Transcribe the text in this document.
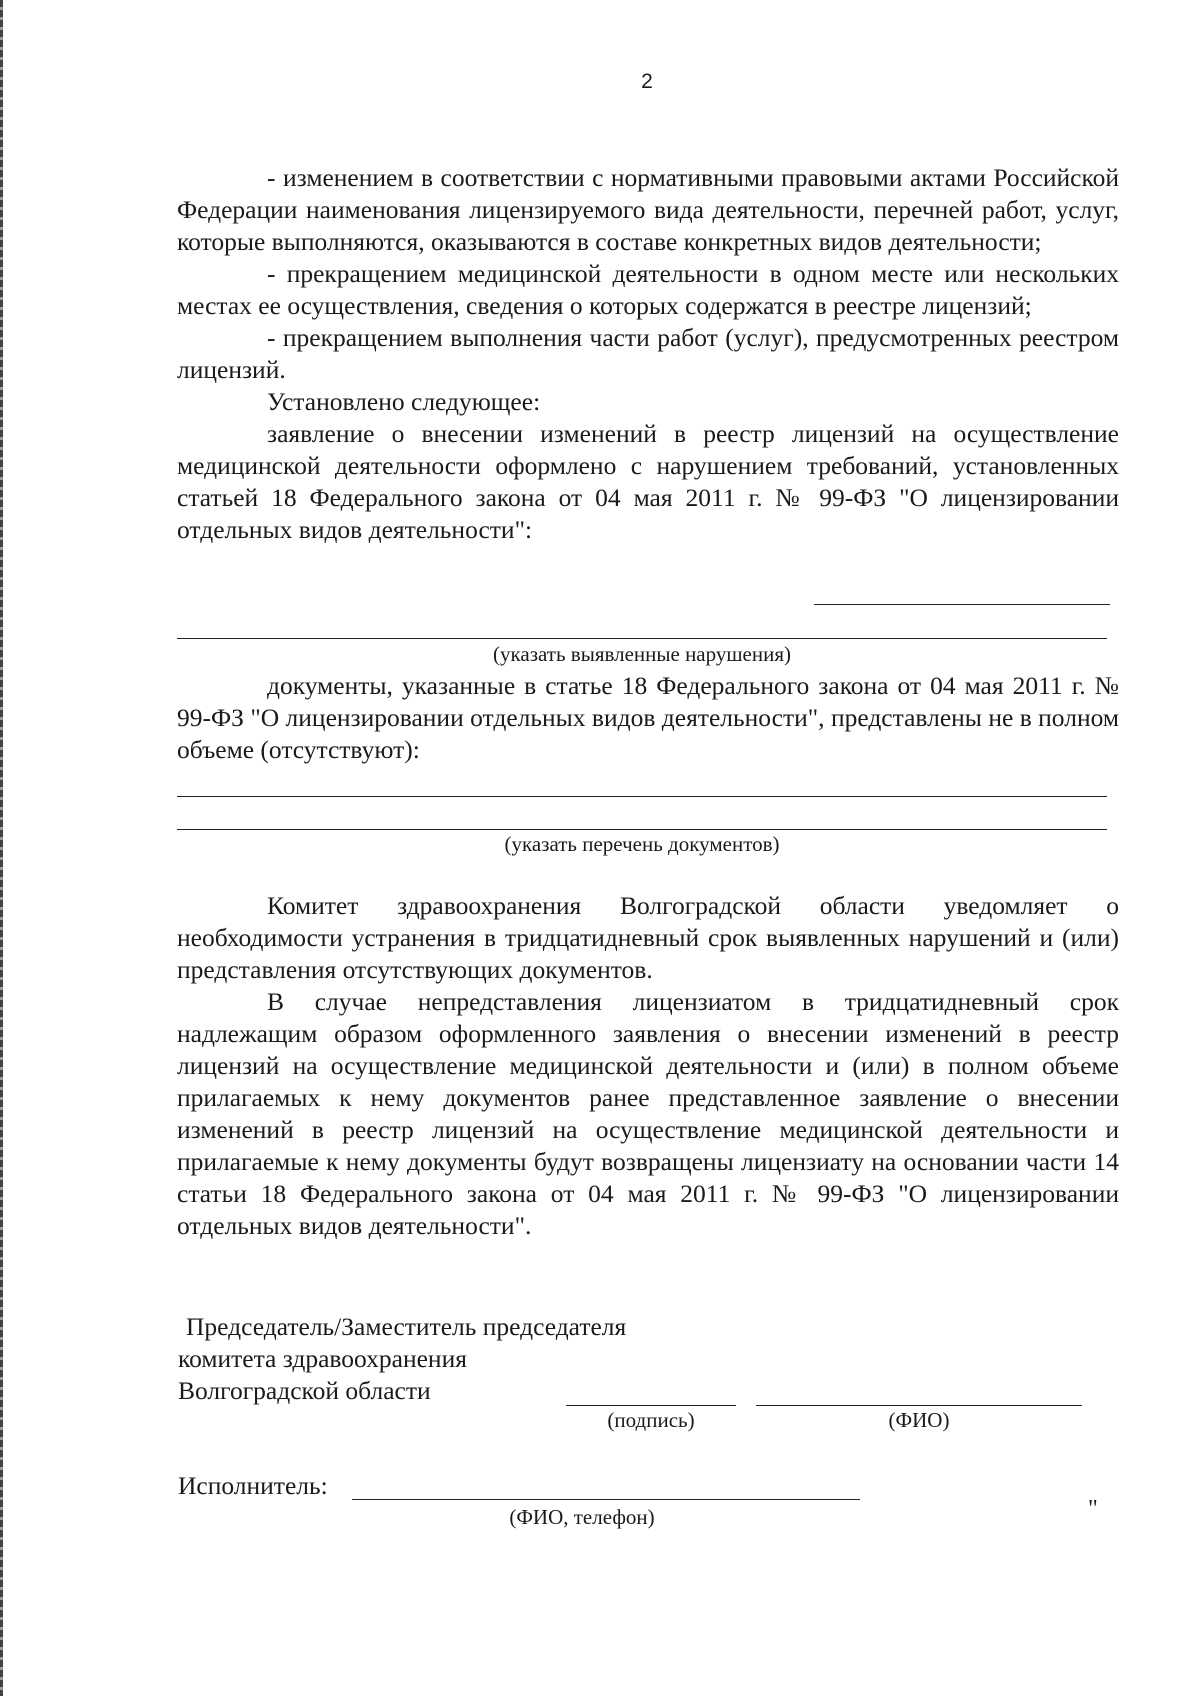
2

- изменением в соответствии с нормативными правовыми актами Российской Федерации наименования лицензируемого вида деятельности, перечней работ, услуг, которые выполняются, оказываются в составе конкретных видов деятельности;

- прекращением медицинской деятельности в одном месте или нескольких местах ее осуществления, сведения о которых содержатся в реестре лицензий;

- прекращением выполнения части работ (услуг), предусмотренных реестром лицензий.

Установлено следующее:

заявление о внесении изменений в реестр лицензий на осуществление медицинской деятельности оформлено с нарушением требований, установленных статьей 18 Федерального закона от 04 мая 2011 г. № 99-ФЗ "О лицензировании отдельных видов деятельности":

(указать выявленные нарушения)

документы, указанные в статье 18 Федерального закона от 04 мая 2011 г. № 99-ФЗ "О лицензировании отдельных видов деятельности", представлены не в полном объеме (отсутствуют):

(указать перечень документов)

Комитет здравоохранения Волгоградской области уведомляет о необходимости устранения в тридцатидневный срок выявленных нарушений и (или) представления отсутствующих документов.

В случае непредставления лицензиатом в тридцатидневный срок надлежащим образом оформленного заявления о внесении изменений в реестр лицензий на осуществление медицинской деятельности и (или) в полном объеме прилагаемых к нему документов ранее представленное заявление о внесении изменений в реестр лицензий на осуществление медицинской деятельности и прилагаемые к нему документы будут возвращены лицензиату на основании части 14 статьи 18 Федерального закона от 04 мая 2011 г. № 99-ФЗ "О лицензировании отдельных видов деятельности".

Председатель/Заместитель председателя
комитета здравоохранения
Волгоградской области
(подпись)	(ФИО)
Исполнитель:
(ФИО, телефон)	"
